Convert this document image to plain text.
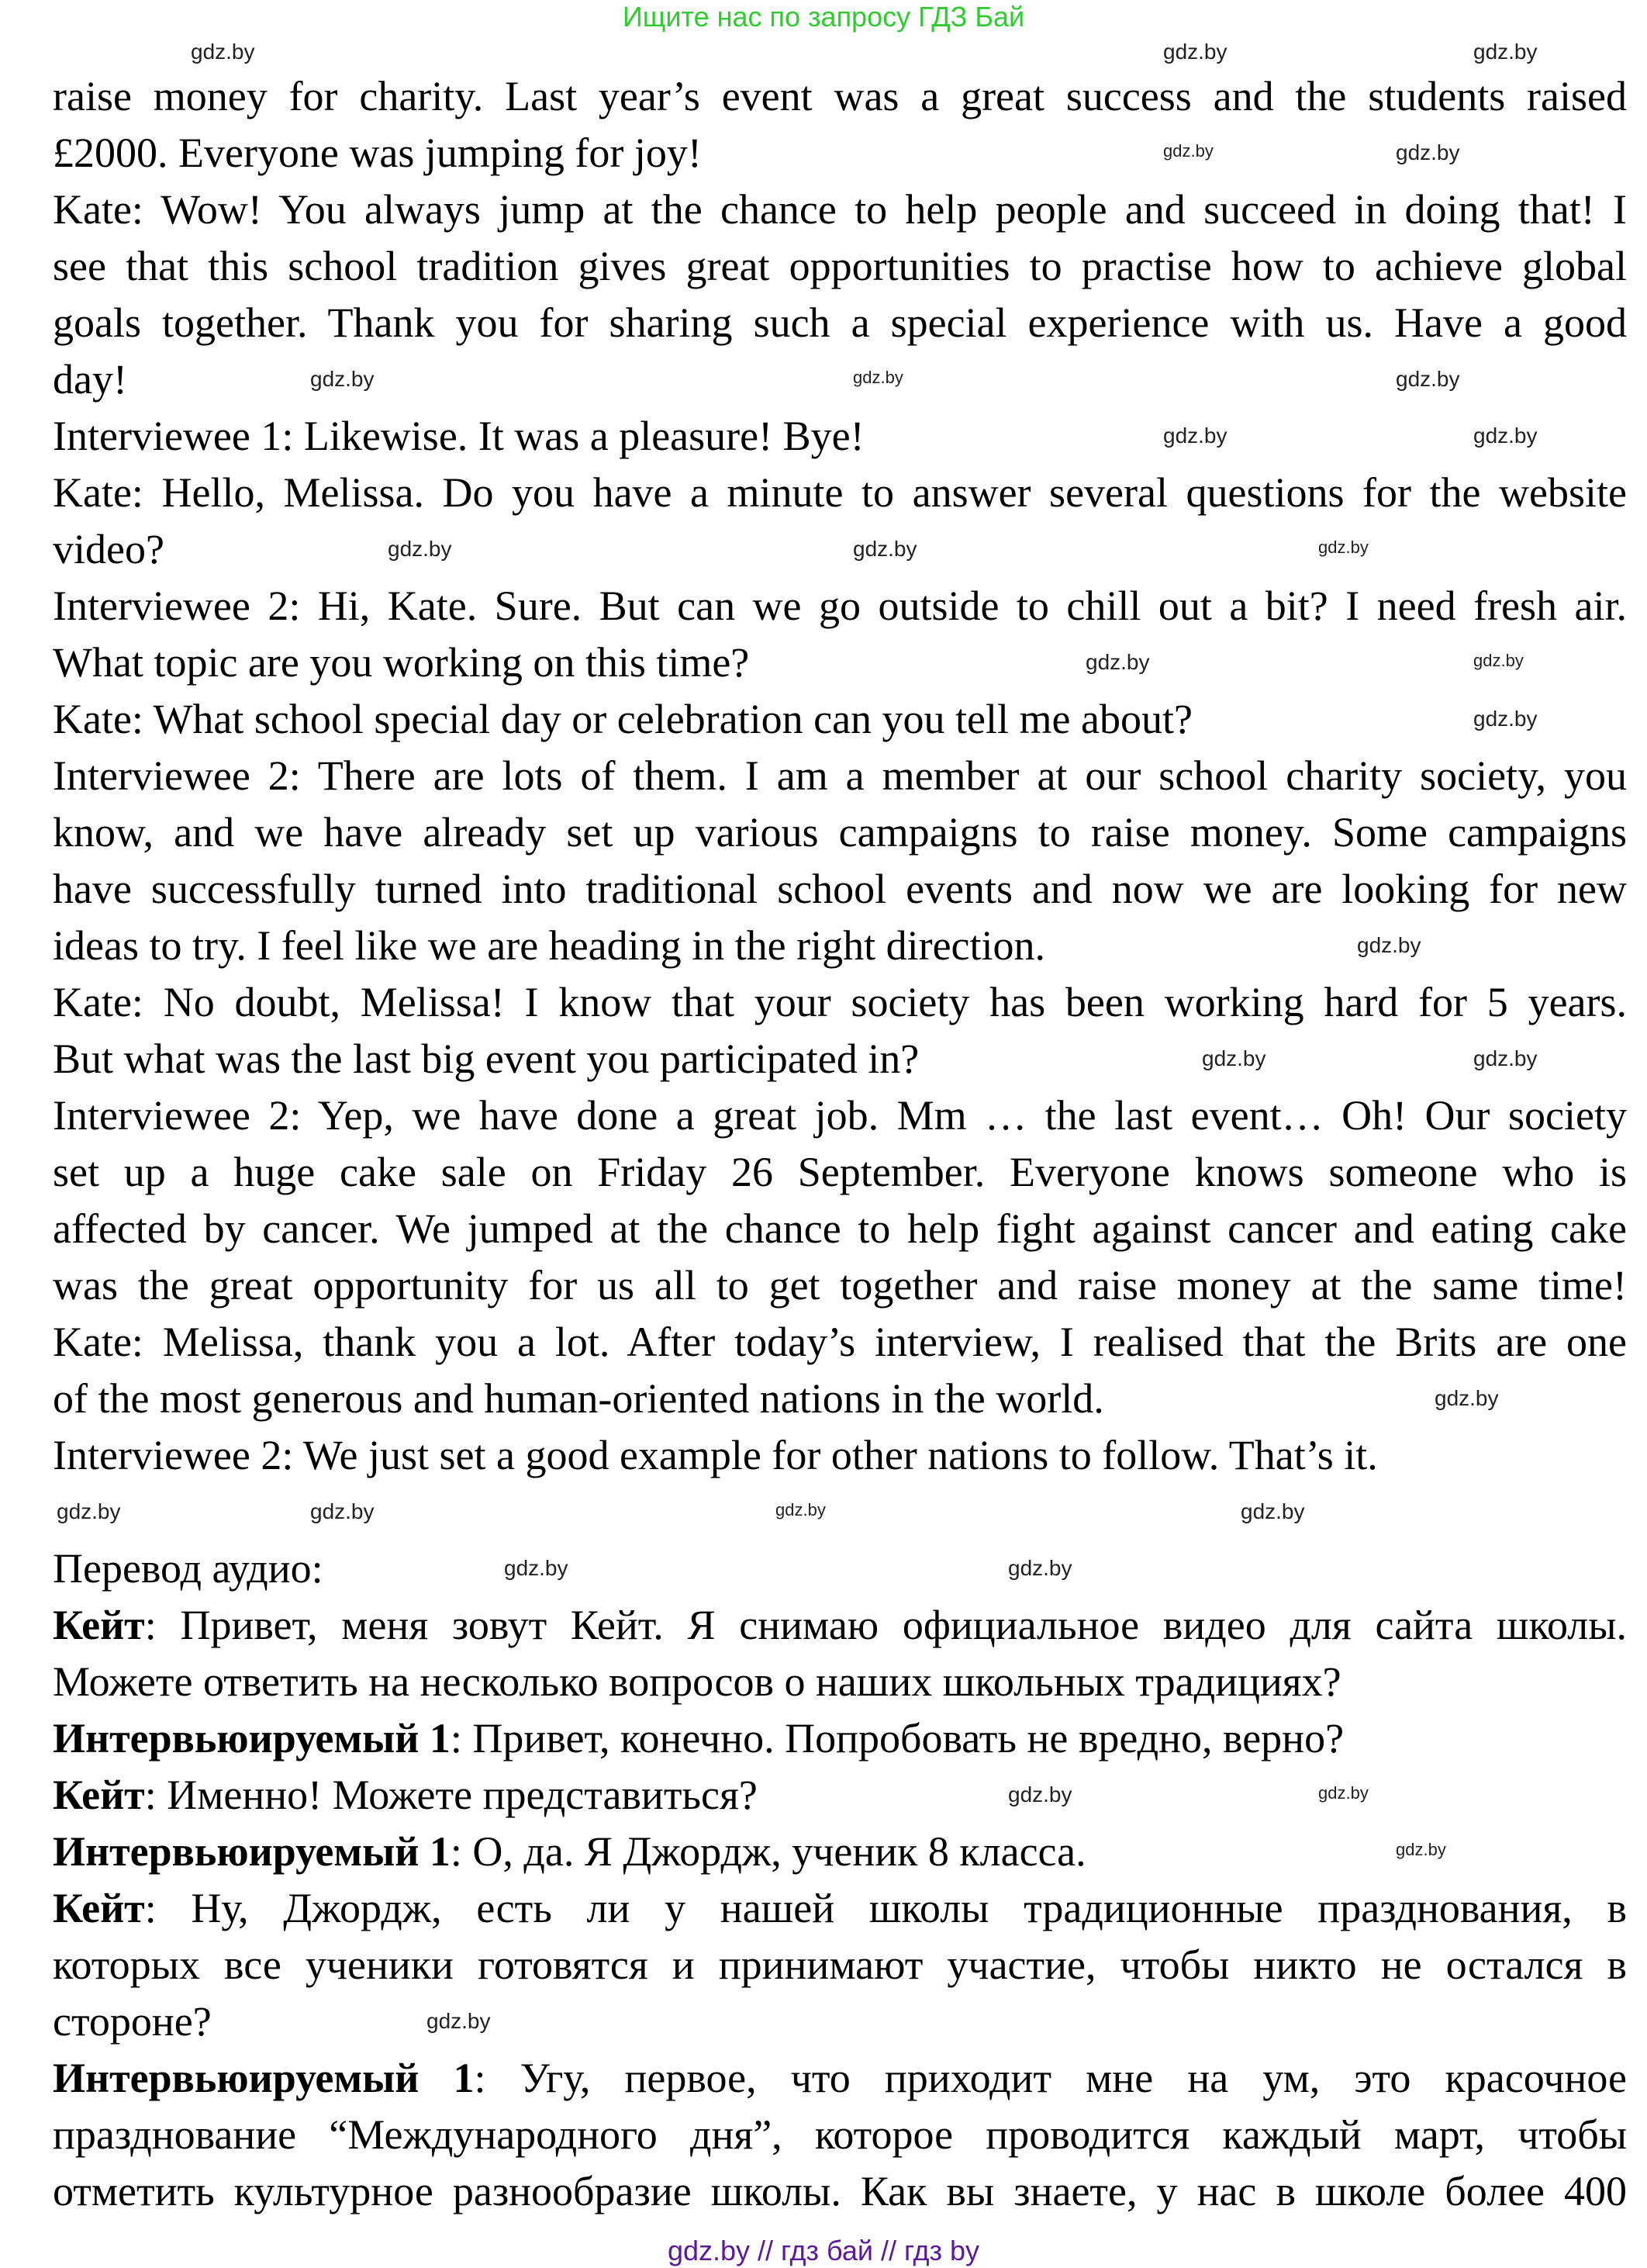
Ищите нас по запросу ГДЗ Бай
raise money for charity. Last year’s event was a great success and the students raised
£2000. Everyone was jumping for joy!
Kate: Wow! You always jump at the chance to help people and succeed in doing that! I
see that this school tradition gives great opportunities to practise how to achieve global
goals together. Thank you for sharing such a special experience with us. Have a good
day!
Interviewee 1: Likewise. It was a pleasure! Bye!
Kate: Hello, Melissa. Do you have a minute to answer several questions for the website
video?
Interviewee 2: Hi, Kate. Sure. But can we go outside to chill out a bit? I need fresh air.
What topic are you working on this time?
Kate: What school special day or celebration can you tell me about?
Interviewee 2: There are lots of them. I am a member at our school charity society, you
know, and we have already set up various campaigns to raise money. Some campaigns
have successfully turned into traditional school events and now we are looking for new
ideas to try. I feel like we are heading in the right direction.
Kate: No doubt, Melissa! I know that your society has been working hard for 5 years.
But what was the last big event you participated in?
Interviewee 2: Yep, we have done a great job. Mm … the last event… Oh! Our society
set up a huge cake sale on Friday 26 September. Everyone knows someone who is
affected by cancer. We jumped at the chance to help fight against cancer and eating cake
was the great opportunity for us all to get together and raise money at the same time!
Kate: Melissa, thank you a lot. After today’s interview, I realised that the Brits are one
of the most generous and human-oriented nations in the world.
Interviewee 2: We just set a good example for other nations to follow. That’s it.
Перевод аудио:
Кейт: Привет, меня зовут Кейт. Я снимаю официальное видео для сайта школы.
Можете ответить на несколько вопросов о наших школьных традициях?
Интервьюируемый 1: Привет, конечно. Попробовать не вредно, верно?
Кейт: Именно! Можете представиться?
Интервьюируемый 1: О, да. Я Джордж, ученик 8 класса.
Кейт: Ну, Джордж, есть ли у нашей школы традиционные празднования, в
которых все ученики готовятся и принимают участие, чтобы никто не остался в
стороне?
Интервьюируемый 1: Угу, первое, что приходит мне на ум, это красочное
празднование “Международного дня”, которое проводится каждый март, чтобы
отметить культурное разнообразие школы. Как вы знаете, у нас в школе более 400
gdz.by	gdz.by	gdz.by
gdz.by	gdz.by
gdz.by	gdz.by	gdz.by
gdz.by	gdz.by
gdz.by	gdz.by	gdz.by
gdz.by	gdz.by
gdz.by
gdz.by
gdz.by	gdz.by
gdz.by
gdz.by	gdz.by	gdz.by	gdz.by
gdz.by	gdz.by
gdz.by	gdz.by
gdz.by
gdz.by
gdz.by // гдз бай // гдз by
